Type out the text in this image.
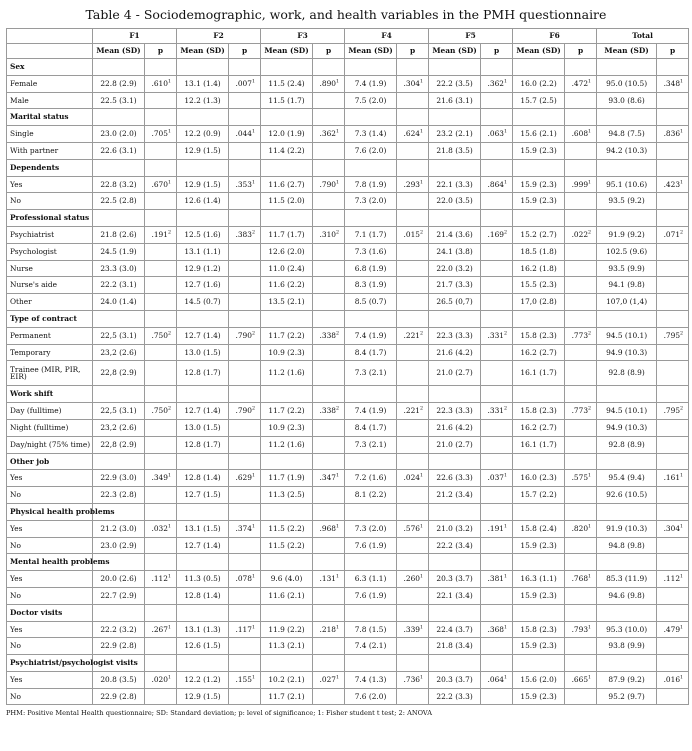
Table 4 - Sociodemographic, work, and health variables in the PMH questionnaire
	F1		F2		F3		F4		F5		F6		Total	
	Mean (SD)	p	Mean (SD)	p	Mean (SD)	p	Mean (SD)	p	Mean (SD)	p	Mean (SD)	p	Mean (SD)	p
Sex														
Female	22.8 (2.9)	.610$^1$	13.1 (1.4)	.007$^1$	11.5 (2.4)	.890$^1$	7.4 (1.9)	.304$^1$	22.2 (3.5)	.362$^1$	16.0 (2.2)	.472$^1$	95.0 (10.5)	.348$^1$
Male	22.5 (3.1)		12.2 (1.3)		11.5 (1.7)		7.5 (2.0)		21.6 (3.1)		15.7 (2.5)		93.0 (8.6)	
Marital status														
Single	23.0 (2.0)	.705$^1$	12.2 (0.9)	.044$^1$	12.0 (1.9)	.362$^1$	7.3 (1.4)	.624$^1$	23.2 (2.1)	.063$^1$	15.6 (2.1)	.608$^1$	94.8 (7.5)	.836$^1$
With partner	22.6 (3.1)		12.9 (1.5)		11.4 (2.2)		7.6 (2.0)		21.8 (3.5)		15.9 (2.3)		94.2 (10.3)	
Dependents														
Yes	22.8 (3.2)	.670$^1$	12.9 (1.5)	.353$^1$	11.6 (2.7)	.790$^1$	7.8 (1.9)	.293$^1$	22.1 (3.3)	.864$^1$	15.9 (2.3)	.999$^1$	95.1 (10.6)	.423$^1$
No	22.5 (2.8)		12.6 (1.4)		11.5 (2.0)		7.3 (2.0)		22.0 (3.5)		15.9 (2.3)		93.5 (9.2)	
Professional status														
Psychiatrist	21.8 (2.6)	.191$^2$	12.5 (1.6)	.383$^2$	11.7 (1.7)	.310$^2$	7.1 (1.7)	.015$^2$	21.4 (3.6)	.169$^2$	15.2 (2.7)	.022$^2$	91.9 (9.2)	.071$^2$
Psychologist	24.5 (1.9)		13.1 (1.1)		12.6 (2.0)		7.3 (1.6)		24.1 (3.8)		18.5 (1.8)		102.5 (9.6)	
Nurse	23.3 (3.0)		12.9 (1.2)		11.0 (2.4)		6.8 (1.9)		22.0 (3.2)		16.2 (1.8)		93.5 (9.9)	
Nurse's aide	22.2 (3.1)		12.7 (1.6)		11.6 (2.2)		8.3 (1.9)		21.7 (3.3)		15.5 (2.3)		94.1 (9.8)	
Other	24.0 (1.4)		14.5 (0.7)		13.5 (2.1)		8.5 (0.7)		26.5 (0,7)		17,0 (2.8)		107,0 (1,4)	
Type of contract														
Permanent	22,5 (3.1)	.750$^2$	12.7 (1.4)	.790$^2$	11.7 (2.2)	.338$^2$	7.4 (1.9)	.221$^2$	22.3 (3.3)	.331$^2$	15.8 (2.3)	.773$^2$	94.5 (10.1)	.795$^2$
Temporary	23,2 (2.6)		13.0 (1.5)		10.9 (2.3)		8.4 (1.7)		21.6 (4.2)		16.2 (2.7)		94.9 (10.3)	
Trainee (MIR, PIR, EIR)	22,8 (2.9)		12.8 (1.7)		11.2 (1.6)		7.3 (2.1)		21.0 (2.7)		16.1 (1.7)		92.8 (8.9)	
Work shift														
Day (fulltime)	22,5 (3.1)	.750$^2$	12.7 (1.4)	.790$^2$	11.7 (2.2)	.338$^2$	7.4 (1.9)	.221$^2$	22.3 (3.3)	.331$^2$	15.8 (2.3)	.773$^2$	94.5 (10.1)	.795$^2$
Night (fulltime)	23,2 (2.6)		13.0 (1.5)		10.9 (2.3)		8.4 (1.7)		21.6 (4.2)		16.2 (2.7)		94.9 (10.3)	
Day/night (75% time)	22,8 (2.9)		12.8 (1.7)		11.2 (1.6)		7.3 (2.1)		21.0 (2.7)		16.1 (1.7)		92.8 (8.9)	
Other job														
Yes	22.9 (3.0)	.349$^1$	12.8 (1.4)	.629$^1$	11.7 (1.9)	.347$^1$	7.2 (1.6)	.024$^1$	22.6 (3.3)	.037$^1$	16.0 (2.3)	.575$^1$	95.4 (9.4)	.161$^1$
No	22.3 (2.8)		12.7 (1.5)		11.3 (2.5)		8.1 (2.2)		21.2 (3.4)		15.7 (2.2)		92.6 (10.5)	
Physical health problems														
Yes	21.2 (3.0)	.032$^1$	13.1 (1.5)	.374$^1$	11.5 (2.2)	.968$^1$	7.3 (2.0)	.576$^1$	21.0 (3.2)	.191$^1$	15.8 (2.4)	.820$^1$	91.9 (10.3)	.304$^1$
No	23.0 (2.9)		12.7 (1.4)		11.5 (2.2)		7.6 (1.9)		22.2 (3.4)		15.9 (2.3)		94.8 (9.8)	
Mental health problems														
Yes	20.0 (2.6)	.112$^1$	11.3 (0.5)	.078$^1$	9.6 (4.0)	.131$^1$	6.3 (1.1)	.260$^1$	20.3 (3.7)	.381$^1$	16.3 (1.1)	.768$^1$	85.3 (11.9)	.112$^1$
No	22.7 (2.9)		12.8 (1.4)		11.6 (2.1)		7.6 (1.9)		22.1 (3.4)		15.9 (2.3)		94.6 (9.8)	
Doctor visits														
Yes	22.2 (3.2)	.267$^1$	13.1 (1.3)	.117$^1$	11.9 (2.2)	.218$^1$	7.8 (1.5)	.339$^1$	22.4 (3.7)	.368$^1$	15.8 (2.3)	.793$^1$	95.3 (10.0)	.479$^1$
No	22.9 (2.8)		12.6 (1.5)		11.3 (2.1)		7.4 (2.1)		21.8 (3.4)		15.9 (2.3)		93.8 (9.9)	
Psychiatrist/psychologist visits														
Yes	20.8 (3.5)	.020$^1$	12.2 (1.2)	.155$^1$	10.2 (2.1)	.027$^1$	7.4 (1.3)	.736$^1$	20.3 (3.7)	.064$^1$	15.6 (2.0)	.665$^1$	87.9 (9.2)	.016$^1$
No	22.9 (2.8)		12.9 (1.5)		11.7 (2.1)		7.6 (2.0)		22.2 (3.3)		15.9 (2.3)		95.2 (9.7)	
PHM: Positive Mental Health questionnaire; SD: Standard deviation; p: level of significance; 1: Fisher student t test; 2: ANOVA
